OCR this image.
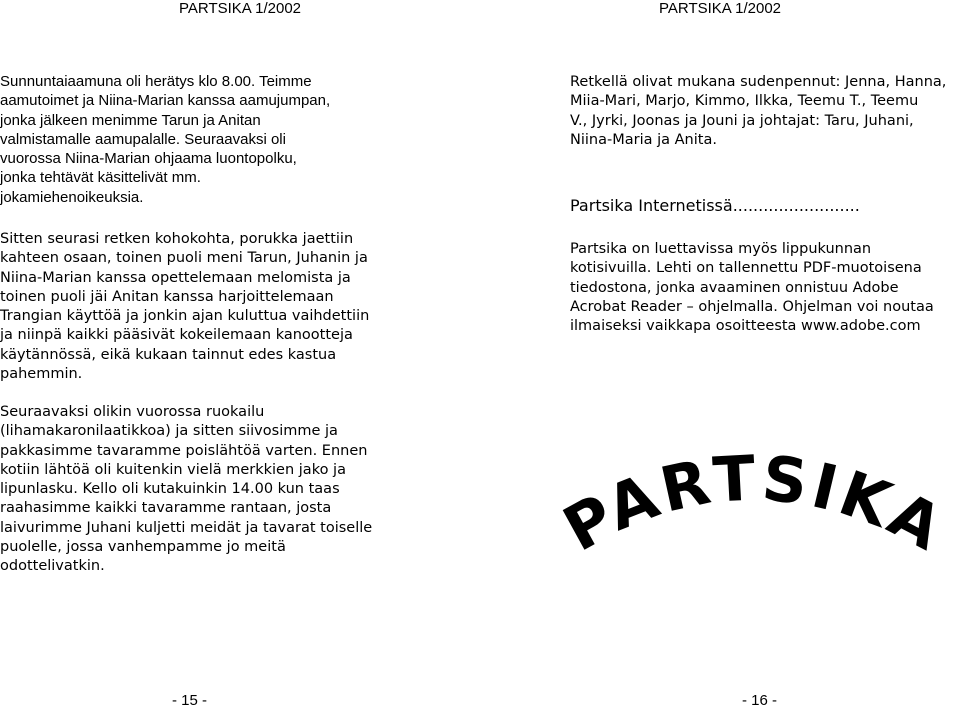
PARTSIKA 1/2002	PARTSIKA 1/2002

Sunnuntaiaamuna oli herätys klo 8.00. Teimme
aamutoimet ja Niina-Marian kanssa aamujumpan,
jonka jälkeen menimme Tarun ja Anitan
valmistamalle aamupalalle. Seuraavaksi oli
vuorossa Niina-Marian ohjaama luontopolku,
jonka tehtävät käsittelivät mm.
jokamiehenoikeuksia.

Sitten seurasi retken kohokohta, porukka jaettiin
kahteen osaan, toinen puoli meni Tarun, Juhanin ja
Niina-Marian kanssa opettelemaan melomista ja
toinen puoli jäi Anitan kanssa harjoittelemaan
Trangian käyttöä ja jonkin ajan kuluttua vaihdettiin
ja niinpä kaikki pääsivät kokeilemaan kanootteja
käytännössä, eikä kukaan tainnut edes kastua
pahemmin.

Seuraavaksi olikin vuorossa ruokailu
(lihamakaronilaatikkoa) ja sitten siivosimme ja
pakkasimme tavaramme poislähtöä varten. Ennen
kotiin lähtöä oli kuitenkin vielä merkkien jako ja
lipunlasku. Kello oli kutakuinkin 14.00 kun taas
raahasimme kaikki tavaramme rantaan, josta
laivurimme Juhani kuljetti meidät ja tavarat toiselle
puolelle, jossa vanhempamme jo meitä
odottelivatkin.

Retkellä olivat mukana sudenpennut: Jenna, Hanna,
Miia-Mari, Marjo, Kimmo, Ilkka, Teemu T., Teemu
V., Jyrki, Joonas ja Jouni ja johtajat: Taru, Juhani,
Niina-Maria ja Anita.

Partsika Internetissä.........................

Partsika on luettavissa myös lippukunnan
kotisivuilla. Lehti on tallennettu PDF-muotoisena
tiedostona, jonka avaaminen onnistuu Adobe
Acrobat Reader – ohjelmalla. Ohjelman voi noutaa
ilmaiseksi vaikkapa osoitteesta www.adobe.com

PARTSIKA
- 15 -	- 16 -
